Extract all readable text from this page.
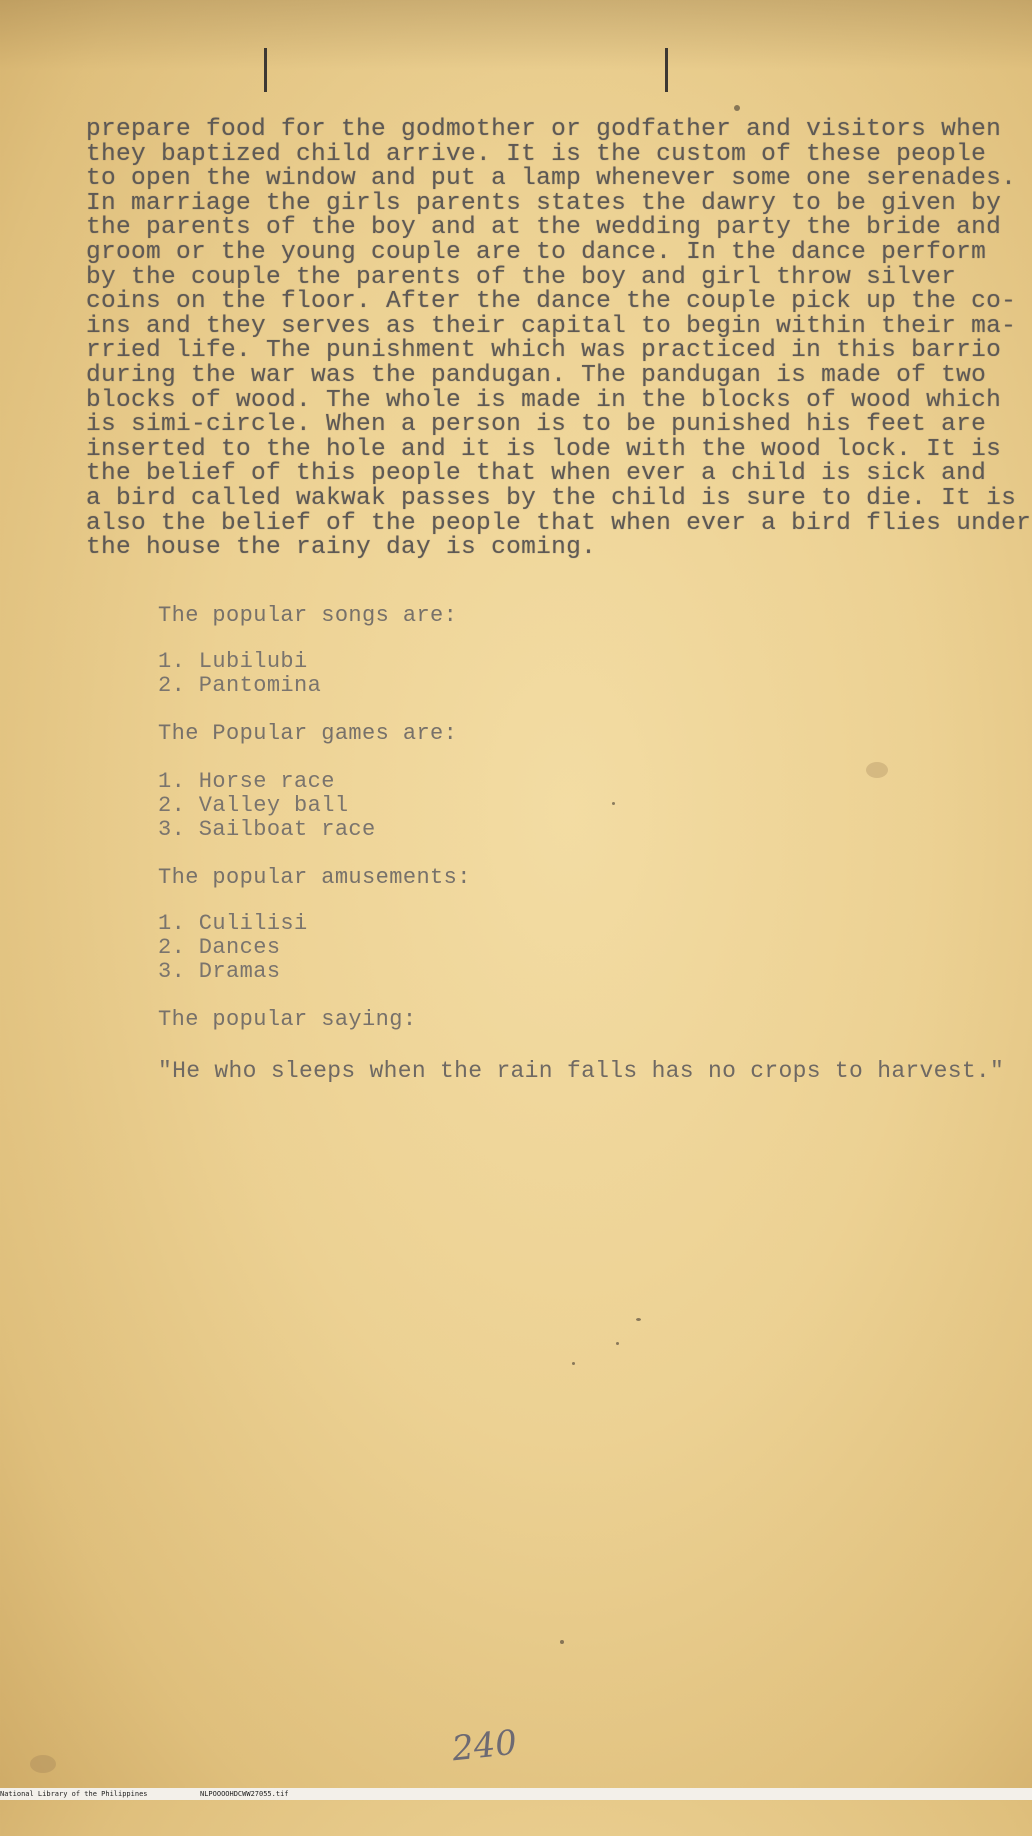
prepare food for the godmother or godfather and visitors when
they baptized child arrive. It is the custom of these people
to open the window and put a lamp whenever some one serenades.
In marriage the girls parents states the dawry to be given by
the parents of the boy and at the wedding party the bride and
groom or the young couple are to dance. In the dance perform
by the couple the parents of the boy and girl throw silver
coins on the floor. After the dance the couple pick up the co-
ins and they serves as their capital to begin within their ma-
rried life. The punishment which was practiced in this barrio
during the war was the pandugan. The pandugan is made of two
blocks of wood. The whole is made in the blocks of wood which
is simi-circle. When a person is to be punished his feet are
inserted to the hole and it is lode with the wood lock. It is
the belief of this people that when ever a child is sick and
a bird called wakwak passes by the child is sure to die. It is
also the belief of the people that when ever a bird flies under
the house the rainy day is coming.
The popular songs are:
1. Lubilubi
2. Pantomina
The Popular games are:
1. Horse race
2. Valley ball
3. Sailboat race
The popular amusements:
1. Culilisi
2. Dances
3. Dramas
The popular saying:
"He who sleeps when the rain falls has no crops to harvest."
240

National Library of the Philippines

	NLPOOOOHDCWW27055.tif
